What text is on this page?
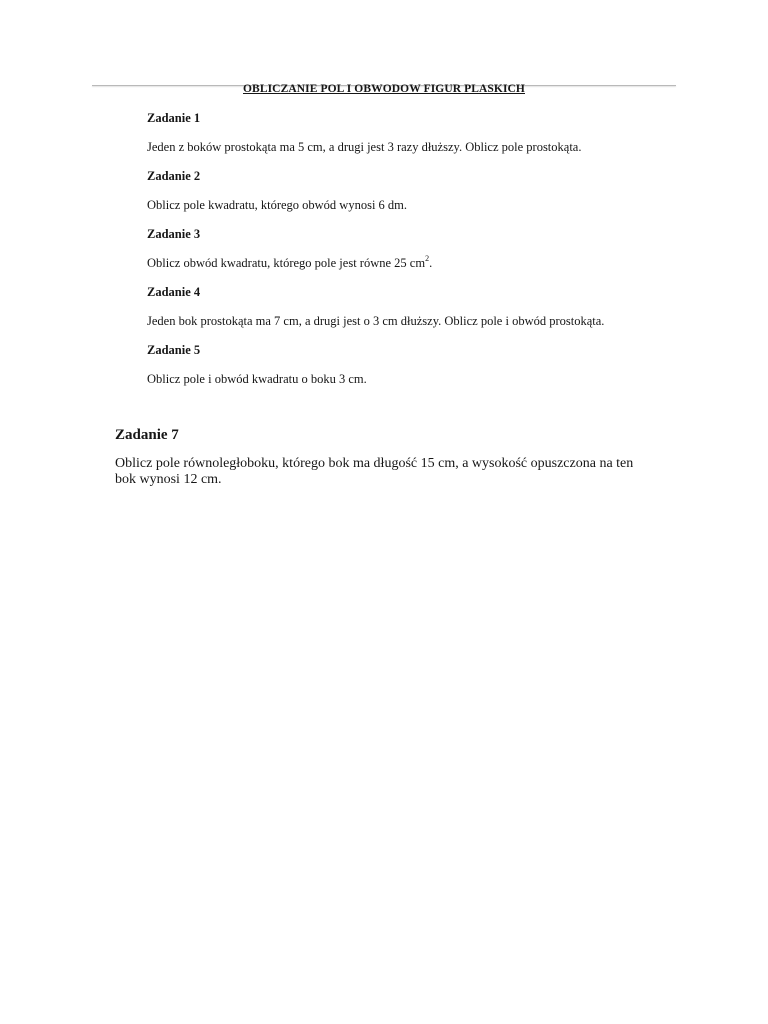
OBLICZANIE POL I OBWODOW FIGUR PLASKICH

Zadanie 1

Jeden z boków prostokąta ma 5 cm, a drugi jest 3 razy dłuższy. Oblicz pole prostokąta.

Zadanie 2

Oblicz pole kwadratu, którego obwód wynosi 6 dm.

Zadanie 3

Oblicz obwód kwadratu, którego pole jest równe 25 $cm^2$.

Zadanie 4

Jeden bok prostokąta ma 7 cm, a drugi jest o 3 cm dłuższy. Oblicz pole i obwód prostokąta.

Zadanie 5

Oblicz pole i obwód kwadratu o boku 3 cm.

Zadanie 7

Oblicz pole równoległoboku, którego bok ma długość 15 cm, a wysokość opuszczona na ten bok wynosi 12 cm.
